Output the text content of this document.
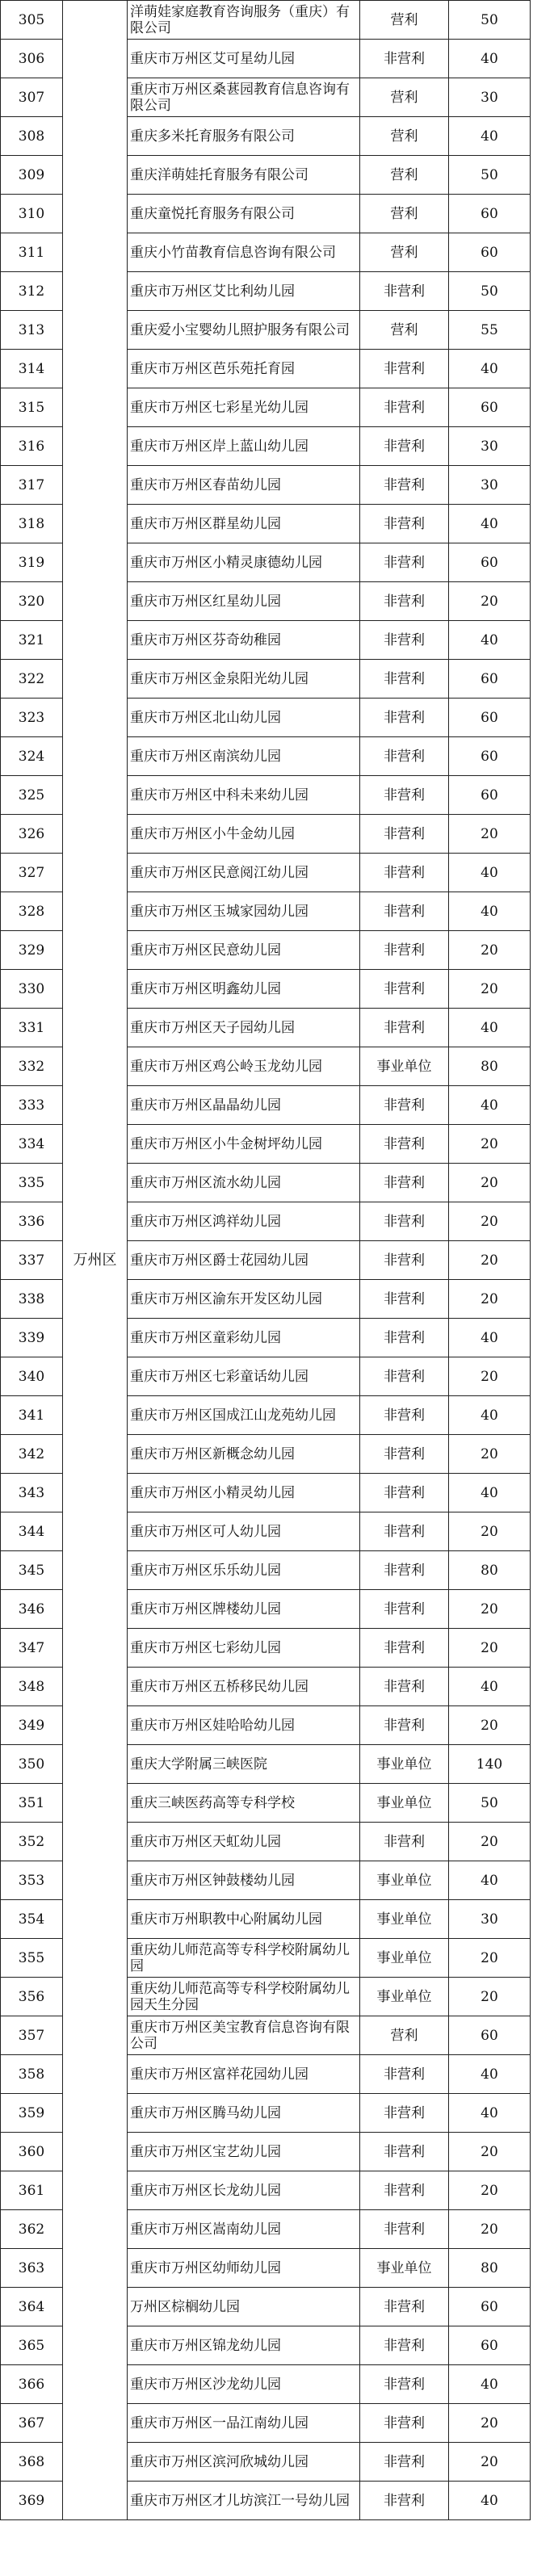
305	万州区	洋萌娃家庭教育咨询服务（重庆）有限公司	营利	50
306		重庆市万州区艾可星幼儿园	非营利	40
307		重庆市万州区桑葚园教育信息咨询有限公司	营利	30
308		重庆多米托育服务有限公司	营利	40
309		重庆洋萌娃托育服务有限公司	营利	50
310		重庆童悦托育服务有限公司	营利	60
311		重庆小竹苗教育信息咨询有限公司	营利	60
312		重庆市万州区艾比利幼儿园	非营利	50
313		重庆爱小宝婴幼儿照护服务有限公司	营利	55
314		重庆市万州区芭乐苑托育园	非营利	40
315		重庆市万州区七彩星光幼儿园	非营利	60
316		重庆市万州区岸上蓝山幼儿园	非营利	30
317		重庆市万州区春苗幼儿园	非营利	30
318		重庆市万州区群星幼儿园	非营利	40
319		重庆市万州区小精灵康德幼儿园	非营利	60
320		重庆市万州区红星幼儿园	非营利	20
321		重庆市万州区芬奇幼稚园	非营利	40
322		重庆市万州区金泉阳光幼儿园	非营利	60
323		重庆市万州区北山幼儿园	非营利	60
324		重庆市万州区南滨幼儿园	非营利	60
325		重庆市万州区中科未来幼儿园	非营利	60
326		重庆市万州区小牛金幼儿园	非营利	20
327		重庆市万州区民意阅江幼儿园	非营利	40
328		重庆市万州区玉城家园幼儿园	非营利	40
329		重庆市万州区民意幼儿园	非营利	20
330		重庆市万州区明鑫幼儿园	非营利	20
331		重庆市万州区天子园幼儿园	非营利	40
332		重庆市万州区鸡公岭玉龙幼儿园	事业单位	80
333		重庆市万州区晶晶幼儿园	非营利	40
334		重庆市万州区小牛金树坪幼儿园	非营利	20
335		重庆市万州区流水幼儿园	非营利	20
336		重庆市万州区鸿祥幼儿园	非营利	20
337		重庆市万州区爵士花园幼儿园	非营利	20
338		重庆市万州区渝东开发区幼儿园	非营利	20
339		重庆市万州区童彩幼儿园	非营利	40
340		重庆市万州区七彩童话幼儿园	非营利	20
341		重庆市万州区国成江山龙苑幼儿园	非营利	40
342		重庆市万州区新概念幼儿园	非营利	20
343		重庆市万州区小精灵幼儿园	非营利	40
344		重庆市万州区可人幼儿园	非营利	20
345		重庆市万州区乐乐幼儿园	非营利	80
346		重庆市万州区牌楼幼儿园	非营利	20
347		重庆市万州区七彩幼儿园	非营利	20
348		重庆市万州区五桥移民幼儿园	非营利	40
349		重庆市万州区娃哈哈幼儿园	非营利	20
350		重庆大学附属三峡医院	事业单位	140
351		重庆三峡医药高等专科学校	事业单位	50
352		重庆市万州区天虹幼儿园	非营利	20
353		重庆市万州区钟鼓楼幼儿园	事业单位	40
354		重庆市万州职教中心附属幼儿园	事业单位	30
355		重庆幼儿师范高等专科学校附属幼儿园	事业单位	20
356		重庆幼儿师范高等专科学校附属幼儿园天生分园	事业单位	20
357		重庆市万州区美宝教育信息咨询有限公司	营利	60
358		重庆市万州区富祥花园幼儿园	非营利	40
359		重庆市万州区腾马幼儿园	非营利	40
360		重庆市万州区宝艺幼儿园	非营利	20
361		重庆市万州区长龙幼儿园	非营利	20
362		重庆市万州区嵩南幼儿园	非营利	20
363		重庆市万州区幼师幼儿园	事业单位	80
364		万州区棕榈幼儿园	非营利	60
365		重庆市万州区锦龙幼儿园	非营利	60
366		重庆市万州区沙龙幼儿园	非营利	40
367		重庆市万州区一品江南幼儿园	非营利	20
368		重庆市万州区滨河欣城幼儿园	非营利	20
369		重庆市万州区才儿坊滨江一号幼儿园	非营利	40
